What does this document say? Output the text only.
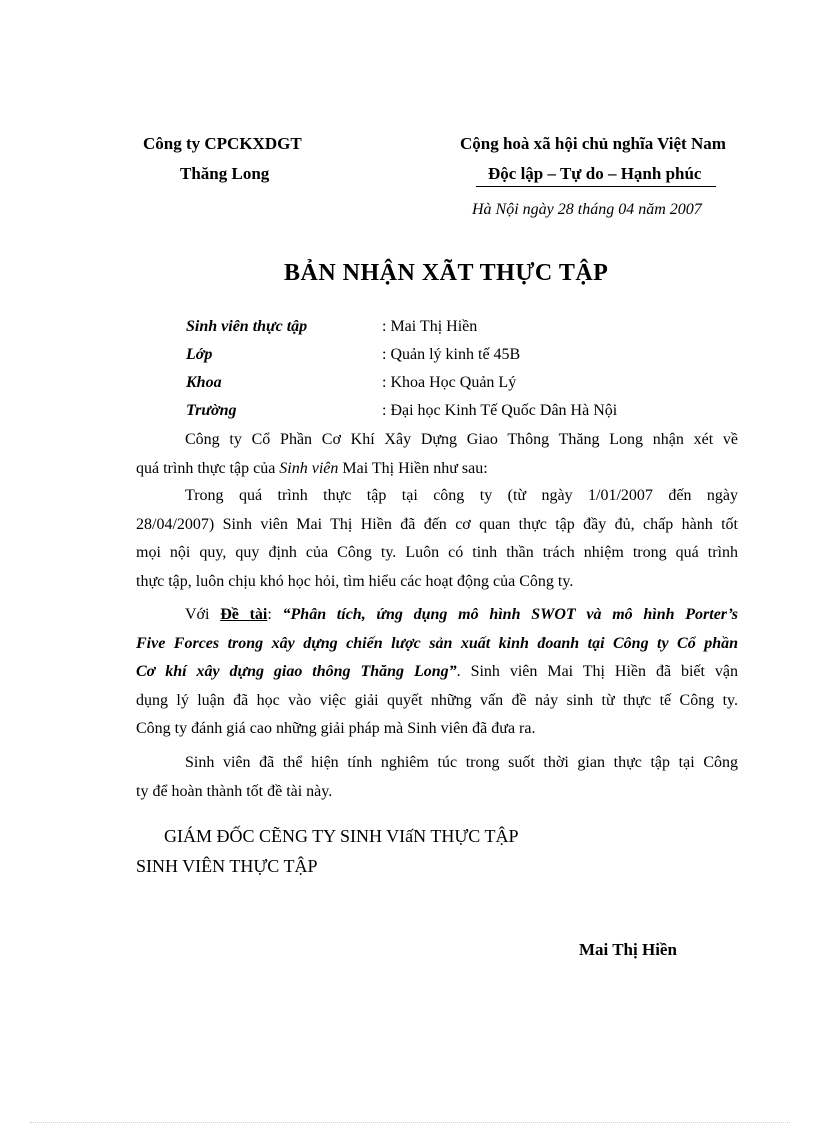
Công ty CPCKXDGT
Thăng Long
Cộng hoà xã hội chủ nghĩa Việt Nam
Độc lập – Tự do – Hạnh phúc
Hà Nội ngày 28 tháng 04 năm 2007
BẢN NHẬN XÃT THỰC TẬP
Sinh viên thực tập	: Mai Thị Hiền
Lớp	: Quản lý kinh tế 45B
Khoa	: Khoa Học Quản Lý
Trường	: Đại học Kinh Tế Quốc Dân Hà Nội
Công ty Cổ Phần Cơ Khí Xây Dựng Giao Thông Thăng Long nhận xét về
quá trình thực tập của Sinh viên Mai Thị Hiền như sau:
Trong quá trình thực tập tại công ty (từ ngày 1/01/2007 đến ngày
28/04/2007) Sinh viên Mai Thị Hiền đã đến cơ quan thực tập đầy đủ, chấp hành tốt
mọi nội quy, quy định của Công ty. Luôn có tinh thần trách nhiệm trong quá trình
thực tập, luôn chịu khó học hỏi, tìm hiểu các hoạt động của Công ty.
Với Đề tài: “Phân tích, ứng dụng mô hình SWOT và mô hình Porter’s
Five Forces trong xây dựng chiến lược sản xuất kinh đoanh tại Công ty Cổ phần
Cơ khí xây dựng giao thông Thăng Long”. Sinh viên Mai Thị Hiền đã biết vận
dụng lý luận đã học vào việc giải quyết những vấn đề nảy sinh từ thực tế Công ty.
Công ty đánh giá cao những giải pháp mà Sinh viên đã đưa ra.
Sinh viên đã thể hiện tính nghiêm túc trong suốt thời gian thực tập tại Công
ty để hoàn thành tốt đề tài này.
GIÁM ĐỐC CẼNG TY SINH VIấN THỰC TẬP
SINH VIÊN THỰC TẬP
Mai Thị Hiền
